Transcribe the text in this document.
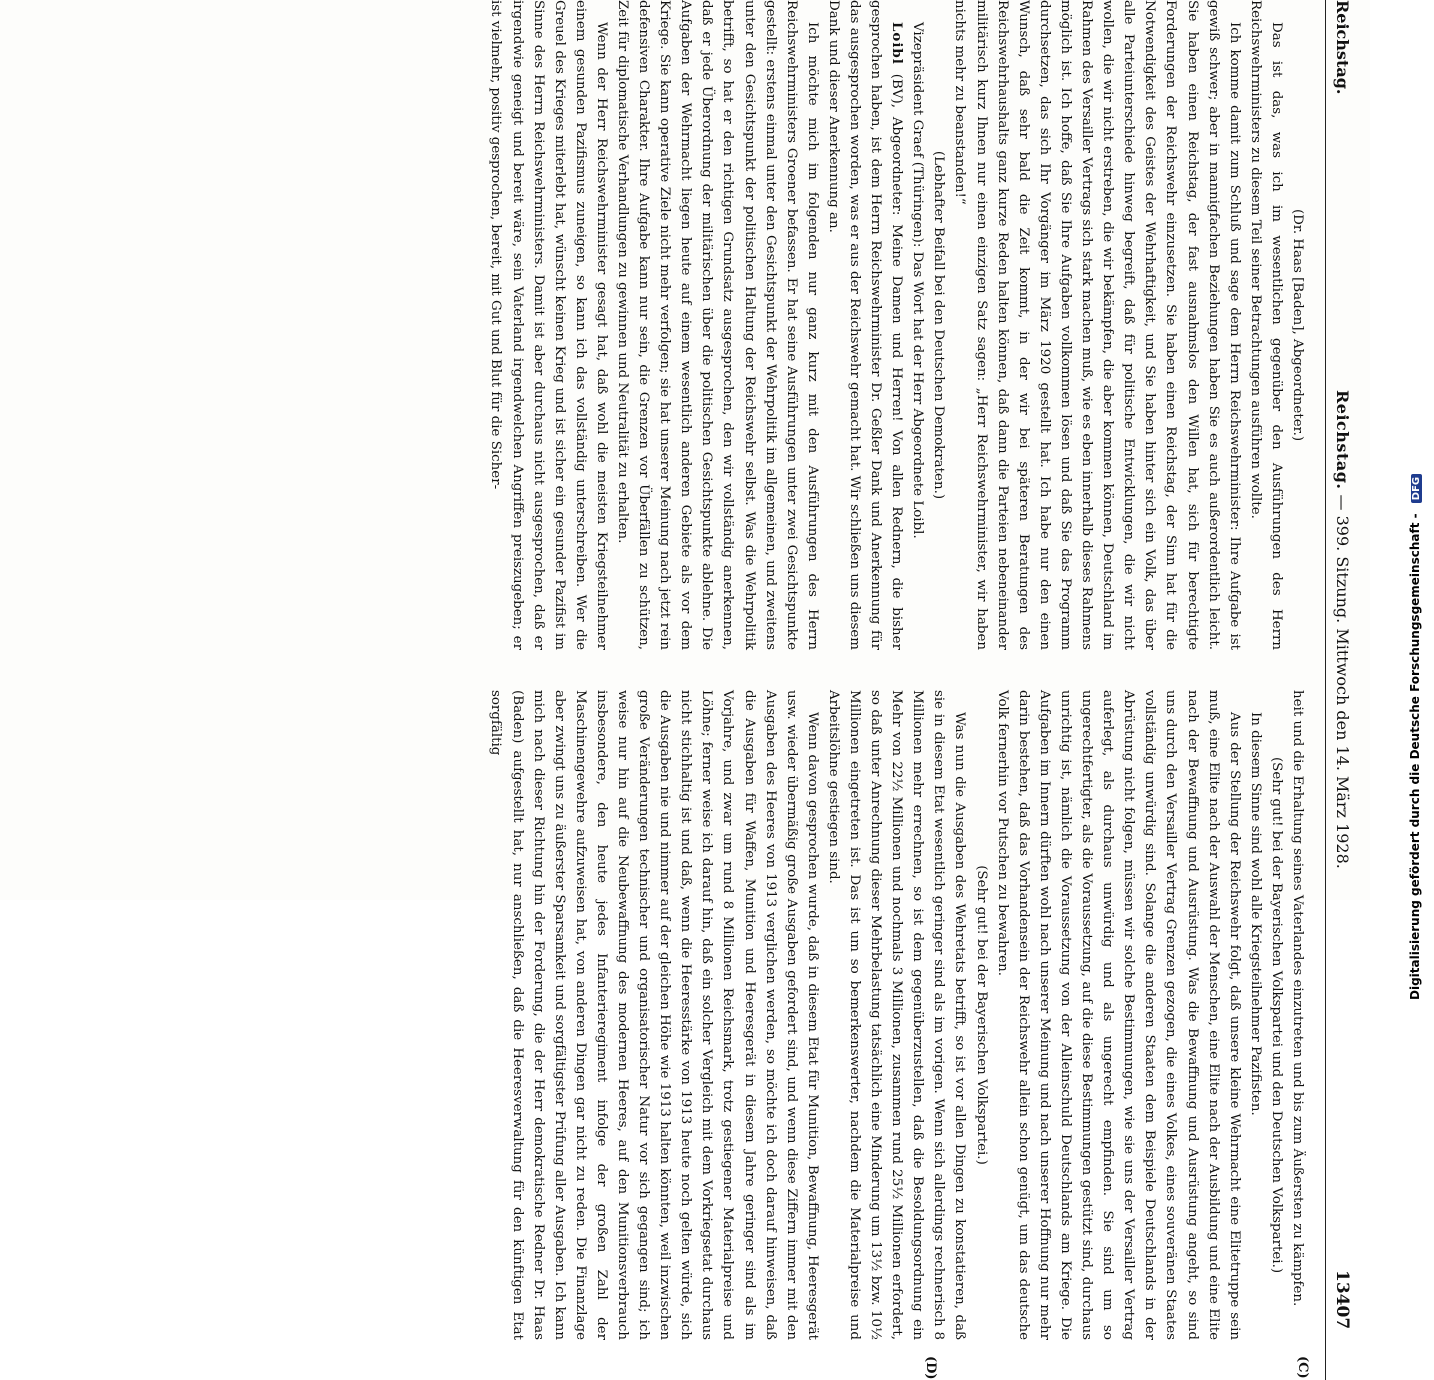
Reichstag.
Reichstag. — 399. Sitzung. Mittwoch den 14. März 1928.
13407
(C)
(D)

(Dr. Haas [Baden], Abgeordneter.)

Das ist das, was ich im wesentlichen gegenüber den Ausführungen des Herrn Reichswehrministers zu diesem Teil seiner Betrachtungen ausführen wollte.

Ich komme damit zum Schluß und sage dem Herrn Reichswehrminister: Ihre Aufgabe ist gewiß schwer; aber in mannigfachen Beziehungen haben Sie es auch außerordentlich leicht. Sie haben einen Reichstag, der fast ausnahmslos den Willen hat, sich für berechtigte Forderungen der Reichswehr einzusetzen. Sie haben einen Reichstag, der Sinn hat für die Notwendigkeit des Geistes der Wehrhaftigkeit, und Sie haben hinter sich ein Volk, das über alle Parteiunterschiede hinweg begreift, daß für politische Entwicklungen, die wir nicht wollen, die wir nicht erstreben, die wir bekämpfen, die aber kommen können, Deutschland im Rahmen des Versailler Vertrags sich stark machen muß, wie es eben innerhalb dieses Rahmens möglich ist. Ich hoffe, daß Sie Ihre Aufgaben vollkommen lösen und daß Sie das Programm durchsetzen, das sich Ihr Vorgänger im März 1920 gestellt hat. Ich habe nur den einen Wunsch, daß sehr bald die Zeit kommt, in der wir bei späteren Beratungen des Reichswehrhaushalts ganz kurze Reden halten können, daß dann die Parteien nebeneinander militärisch kurz Ihnen nur einen einzigen Satz sagen: „Herr Reichswehrminister, wir haben nichts mehr zu beanstanden!“

(Lebhafter Beifall bei den Deutschen Demokraten.)

Vizepräsident Graef (Thüringen): Das Wort hat der Herr Abgeordnete Loibl.

Loibl (BV), Abgeordneter: Meine Damen und Herren! Von allen Rednern, die bisher gesprochen haben, ist dem Herrn Reichswehrminister Dr. Geßler Dank und Anerkennung für das ausgesprochen worden, was er aus der Reichswehr gemacht hat. Wir schließen uns diesem Dank und dieser Anerkennung an.

Ich möchte mich im folgenden nur ganz kurz mit den Ausführungen des Herrn Reichswehrministers Groener befassen. Er hat seine Ausführungen unter zwei Gesichtspunkte gestellt: erstens einmal unter den Gesichtspunkt der Wehrpolitik im allgemeinen, und zweitens unter den Gesichtspunkt der politischen Haltung der Reichswehr selbst. Was die Wehrpolitik betrifft, so hat er den richtigen Grundsatz ausgesprochen, den wir vollständig anerkennen, daß er jede Überordnung der militärischen über die politischen Gesichtspunkte ablehne. Die Aufgaben der Wehrmacht liegen heute auf einem wesentlich anderen Gebiete als vor dem Kriege. Sie kann operative Ziele nicht mehr verfolgen; sie hat unserer Meinung nach jetzt rein defensiven Charakter. Ihre Aufgabe kann nur sein, die Grenzen vor Überfällen zu schützen, Zeit für diplomatische Verhandlungen zu gewinnen und Neutralität zu erhalten.

Wenn der Herr Reichswehrminister gesagt hat, daß wohl die meisten Kriegsteilnehmer einem gesunden Pazifismus zuneigen, so kann ich das vollständig unterschreiben. Wer die Greuel des Krieges miterlebt hat, wünscht keinen Krieg und ist sicher ein gesunder Pazifist im Sinne des Herrn Reichswehrministers. Damit ist aber durchaus nicht ausgesprochen, daß er irgendwie geneigt und bereit wäre, sein Vaterland irgendwelchen Angriffen preiszugeben; er ist vielmehr, positiv gesprochen, bereit, mit Gut und Blut für die Sicher-

heit und die Erhaltung seines Vaterlandes einzutreten und bis zum Äußersten zu kämpfen.

(Sehr gut! bei der Bayerischen Volkspartei und den Deutschen Volkspartei.)

In diesem Sinne sind wohl alle Kriegsteilnehmer Pazifisten.

Aus der Stellung der Reichswehr folgt, daß unsere kleine Wehrmacht eine Elitetruppe sein muß, eine Elite nach der Auswahl der Menschen, eine Elite nach der Ausbildung und eine Elite nach der Bewaffnung und Ausrüstung. Was die Bewaffnung und Ausrüstung angeht, so sind uns durch den Versailler Vertrag Grenzen gezogen, die eines Volkes, eines souveränen Staates vollständig unwürdig sind. Solange die anderen Staaten dem Beispiele Deutschlands in der Abrüstung nicht folgen, müssen wir solche Bestimmungen, wie sie uns der Versailler Vertrag auferlegt, als durchaus unwürdig und als ungerecht empfinden. Sie sind um so ungerechtfertigter, als die Voraussetzung, auf die diese Bestimmungen gestützt sind, durchaus unrichtig ist, nämlich die Voraussetzung von der Alleinschuld Deutschlands am Kriege. Die Aufgaben im Innern dürften wohl nach unserer Meinung und nach unserer Hoffnung nur mehr darin bestehen, daß das Vorhandensein der Reichswehr allein schon genügt, um das deutsche Volk fernerhin vor Putschen zu bewahren.

(Sehr gut! bei der Bayerischen Volkspartei.)

Was nun die Ausgaben des Wehretats betrifft, so ist vor allen Dingen zu konstatieren, daß sie in diesem Etat wesentlich geringer sind als im vorigen. Wenn sich allerdings rechnerisch 8 Millionen mehr errechnen, so ist dem gegenüberzustellen, daß die Besoldungsordnung ein Mehr von 22½ Millionen und nochmals 3 Millionen, zusammen rund 25½ Millionen erfordert, so daß unter Anrechnung dieser Mehrbelastung tatsächlich eine Minderung um 13½ bzw. 10½ Millionen eingetreten ist. Das ist um so bemerkenswerter, nachdem die Materialpreise und Arbeitslöhne gestiegen sind.

Wenn davon gesprochen wurde, daß in diesem Etat für Munition, Bewaffnung, Heeresgerät usw. wieder übermäßig große Ausgaben gefordert sind, und wenn diese Ziffern immer mit den Ausgaben des Heeres von 1913 verglichen werden, so möchte ich doch darauf hinweisen, daß die Ausgaben für Waffen, Munition und Heeresgerät in diesem Jahre geringer sind als im Vorjahre, und zwar um rund 8 Millionen Reichsmark, trotz gestiegener Materialpreise und Löhne; ferner weise ich darauf hin, daß ein solcher Vergleich mit dem Vorkriegsetat durchaus nicht stichhaltig ist und daß, wenn die Heeresstärke von 1913 heute noch gelten würde, sich die Ausgaben nie und nimmer auf der gleichen Höhe wie 1913 halten könnten, weil inzwischen große Veränderungen technischer und organisatorischer Natur vor sich gegangen sind; ich weise nur hin auf die Neubewaffnung des modernen Heeres, auf den Munitionsverbrauch insbesondere, den heute jedes Infanterieregiment infolge der großen Zahl der Maschinengewehre aufzuweisen hat, von anderen Dingen gar nicht zu reden. Die Finanzlage aber zwingt uns zu äußerster Sparsamkeit und sorgfältigster Prüfung aller Ausgaben. Ich kann mich nach dieser Richtung hin der Forderung, die der Herr demokratische Redner Dr. Haas (Baden) aufgestellt hat, nur anschließen, daß die Heeresverwaltung für den künftigen Etat sorgfältig	Digitalisierung gefördert durch die Deutsche Forschungsgemeinschaft - DFG
